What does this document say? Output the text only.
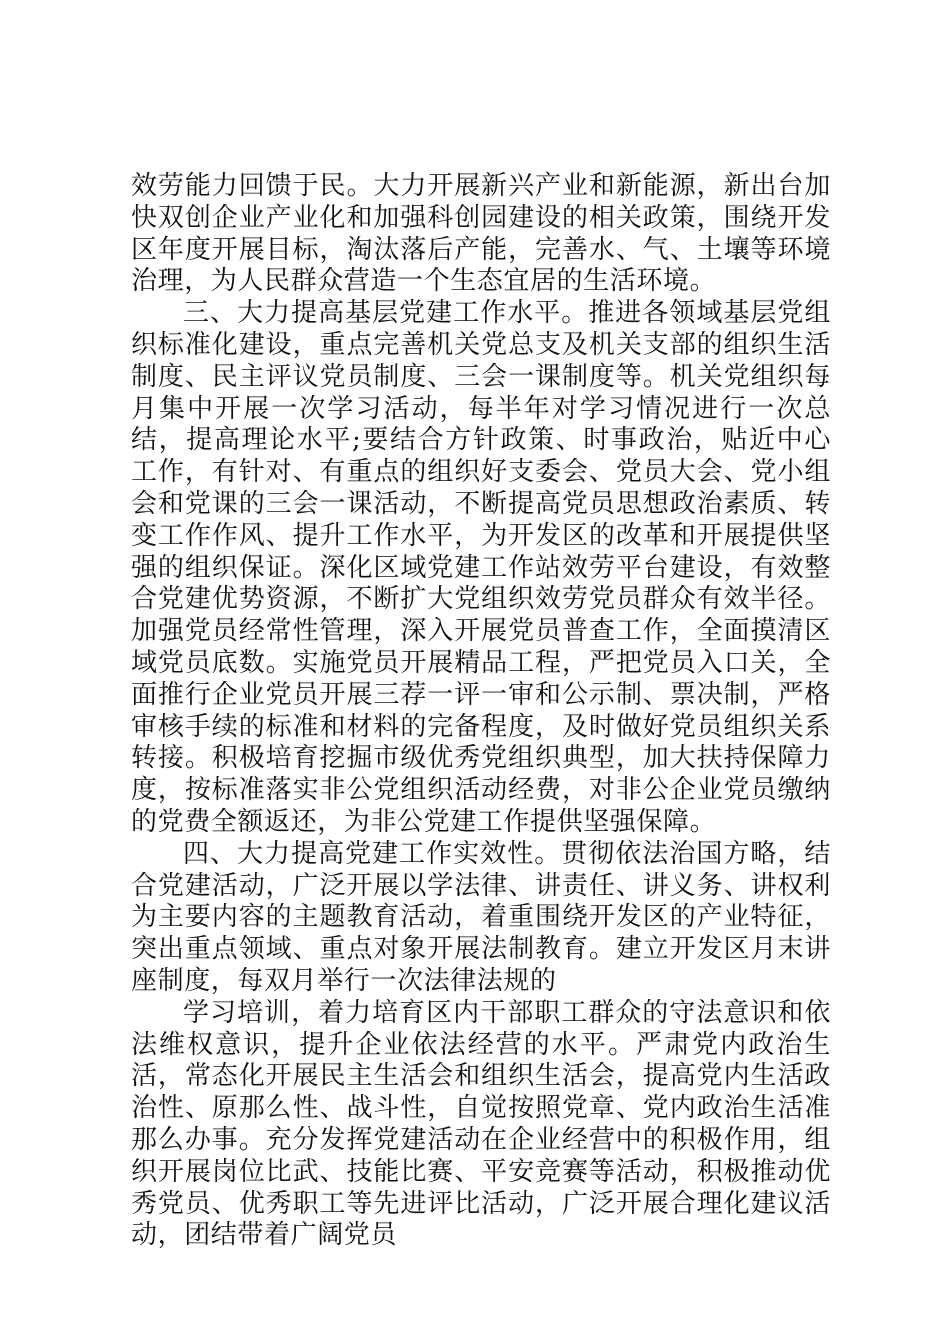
效劳能力回馈于民。大力开展新兴产业和新能源，新出台加快双创企业产业化和加强科创园建设的相关政策，围绕开发区年度开展目标，淘汰落后产能，完善水、气、土壤等环境治理，为人民群众营造一个生态宜居的生活环境。

三、大力提高基层党建工作水平。推进各领域基层党组织标准化建设，重点完善机关党总支及机关支部的组织生活制度、民主评议党员制度、三会一课制度等。机关党组织每月集中开展一次学习活动，每半年对学习情况进行一次总结，提高理论水平;要结合方针政策、时事政治，贴近中心工作，有针对、有重点的组织好支委会、党员大会、党小组会和党课的三会一课活动，不断提高党员思想政治素质、转变工作作风、提升工作水平，为开发区的改革和开展提供坚强的组织保证。深化区域党建工作站效劳平台建设，有效整合党建优势资源，不断扩大党组织效劳党员群众有效半径。加强党员经常性管理，深入开展党员普查工作，全面摸清区域党员底数。实施党员开展精品工程，严把党员入口关，全面推行企业党员开展三荐一评一审和公示制、票决制，严格审核手续的标准和材料的完备程度，及时做好党员组织关系转接。积极培育挖掘市级优秀党组织典型，加大扶持保障力度，按标准落实非公党组织活动经费，对非公企业党员缴纳的党费全额返还，为非公党建工作提供坚强保障。

四、大力提高党建工作实效性。贯彻依法治国方略，结合党建活动，广泛开展以学法律、讲责任、讲义务、讲权利为主要内容的主题教育活动，着重围绕开发区的产业特征，突出重点领域、重点对象开展法制教育。建立开发区月末讲座制度，每双月举行一次法律法规的

学习培训，着力培育区内干部职工群众的守法意识和依法维权意识，提升企业依法经营的水平。严肃党内政治生活，常态化开展民主生活会和组织生活会，提高党内生活政治性、原那么性、战斗性，自觉按照党章、党内政治生活准那么办事。充分发挥党建活动在企业经营中的积极作用，组织开展岗位比武、技能比赛、平安竞赛等活动，积极推动优秀党员、优秀职工等先进评比活动，广泛开展合理化建议活动，团结带着广阔党员
